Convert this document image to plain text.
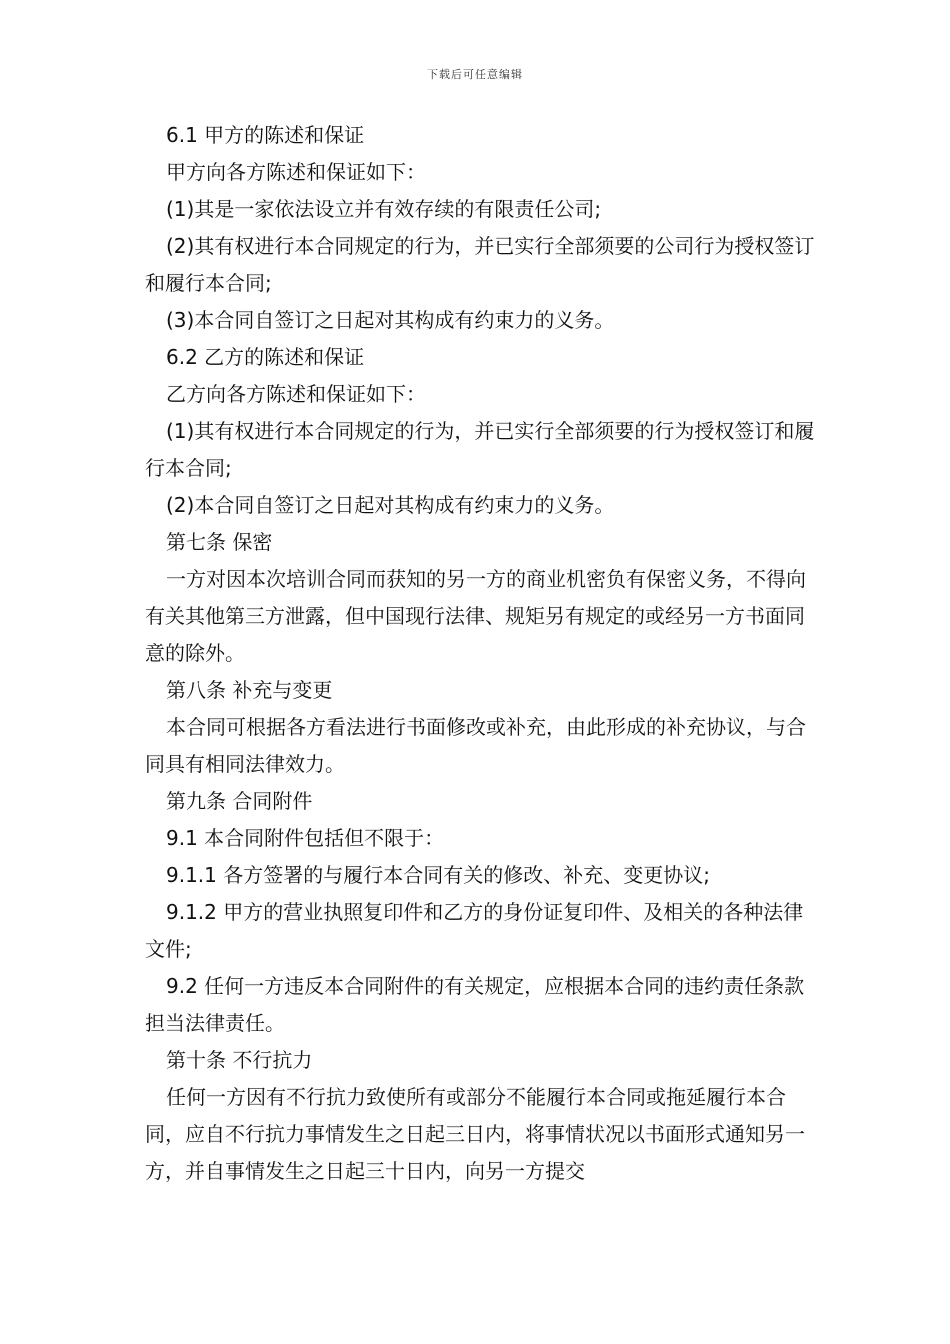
下载后可任意编辑

6.1 甲方的陈述和保证

甲方向各方陈述和保证如下：

(1)其是一家依法设立并有效存续的有限责任公司;

(2)其有权进行本合同规定的行为，并已实行全部须要的公司行为授权签订和履行本合同;

(3)本合同自签订之日起对其构成有约束力的义务。

6.2 乙方的陈述和保证

乙方向各方陈述和保证如下：

(1)其有权进行本合同规定的行为，并已实行全部须要的行为授权签订和履行本合同;

(2)本合同自签订之日起对其构成有约束力的义务。

第七条 保密

一方对因本次培训合同而获知的另一方的商业机密负有保密义务，不得向有关其他第三方泄露，但中国现行法律、规矩另有规定的或经另一方书面同意的除外。

第八条 补充与变更

本合同可根据各方看法进行书面修改或补充，由此形成的补充协议，与合同具有相同法律效力。

第九条 合同附件

9.1 本合同附件包括但不限于：

9.1.1 各方签署的与履行本合同有关的修改、补充、变更协议;

9.1.2 甲方的营业执照复印件和乙方的身份证复印件、及相关的各种法律文件;

9.2 任何一方违反本合同附件的有关规定，应根据本合同的违约责任条款担当法律责任。

第十条 不行抗力

任何一方因有不行抗力致使所有或部分不能履行本合同或拖延履行本合同，应自不行抗力事情发生之日起三日内，将事情状况以书面形式通知另一方，并自事情发生之日起三十日内，向另一方提交
